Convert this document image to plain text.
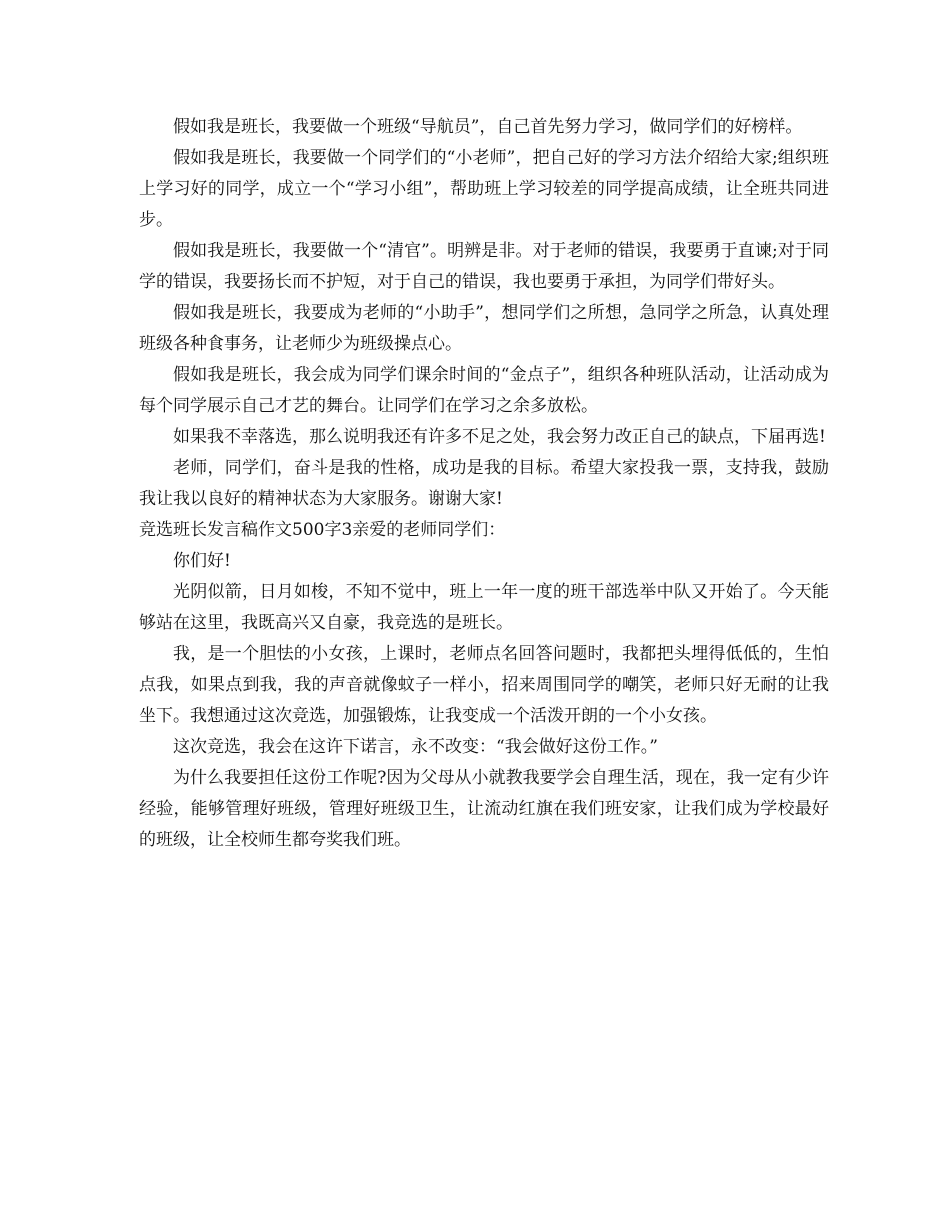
假如我是班长，我要做一个班级“导航员”，自己首先努力学习，做同学们的好榜样。

假如我是班长，我要做一个同学们的“小老师”，把自己好的学习方法介绍给大家;组织班上学习好的同学，成立一个“学习小组”，帮助班上学习较差的同学提高成绩，让全班共同进步。

假如我是班长，我要做一个“清官”。明辨是非。对于老师的错误，我要勇于直谏;对于同学的错误，我要扬长而不护短，对于自己的错误，我也要勇于承担，为同学们带好头。

假如我是班长，我要成为老师的“小助手”，想同学们之所想，急同学之所急，认真处理班级各种食事务，让老师少为班级操点心。

假如我是班长，我会成为同学们课余时间的“金点子”，组织各种班队活动，让活动成为每个同学展示自己才艺的舞台。让同学们在学习之余多放松。

如果我不幸落选，那么说明我还有许多不足之处，我会努力改正自己的缺点，下届再选!

老师，同学们，奋斗是我的性格，成功是我的目标。希望大家投我一票，支持我，鼓励我让我以良好的精神状态为大家服务。谢谢大家!

竞选班长发言稿作文500字3亲爱的老师同学们：

你们好!

光阴似箭，日月如梭，不知不觉中，班上一年一度的班干部选举中队又开始了。今天能够站在这里，我既高兴又自豪，我竞选的是班长。

我，是一个胆怯的小女孩，上课时，老师点名回答问题时，我都把头埋得低低的，生怕点我，如果点到我，我的声音就像蚊子一样小，招来周围同学的嘲笑，老师只好无耐的让我坐下。我想通过这次竞选，加强锻炼，让我变成一个活泼开朗的一个小女孩。

这次竞选，我会在这许下诺言，永不改变：“我会做好这份工作。”

为什么我要担任这份工作呢?因为父母从小就教我要学会自理生活，现在，我一定有少许经验，能够管理好班级，管理好班级卫生，让流动红旗在我们班安家，让我们成为学校最好的班级，让全校师生都夸奖我们班。
